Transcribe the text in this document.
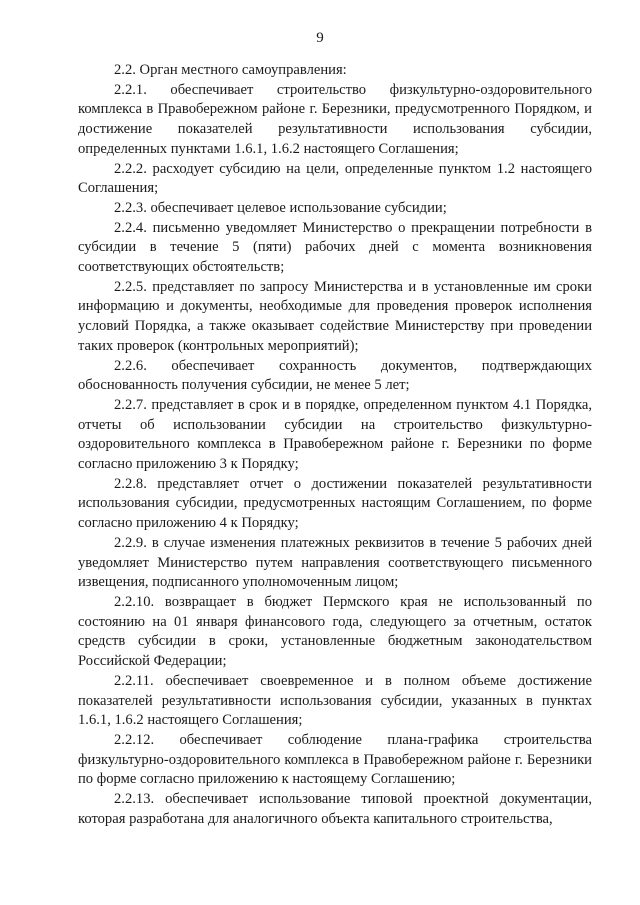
9

2.2. Орган местного самоуправления:

2.2.1. обеспечивает строительство физкультурно-оздоровительного комплекса в Правобережном районе г. Березники, предусмотренного Порядком, и достижение показателей результативности использования субсидии, определенных пунктами 1.6.1, 1.6.2 настоящего Соглашения;

2.2.2. расходует субсидию на цели, определенные пунктом 1.2 настоящего Соглашения;

2.2.3. обеспечивает целевое использование субсидии;

2.2.4. письменно уведомляет Министерство о прекращении потребности в субсидии в течение 5 (пяти) рабочих дней с момента возникновения соответствующих обстоятельств;

2.2.5. представляет по запросу Министерства и в установленные им сроки информацию и документы, необходимые для проведения проверок исполнения условий Порядка, а также оказывает содействие Министерству при проведении таких проверок (контрольных мероприятий);

2.2.6. обеспечивает сохранность документов, подтверждающих обоснованность получения субсидии, не менее 5 лет;

2.2.7. представляет в срок и в порядке, определенном пунктом 4.1 Порядка, отчеты об использовании субсидии на строительство физкультурно-оздоровительного комплекса в Правобережном районе г. Березники по форме согласно приложению 3 к Порядку;

2.2.8. представляет отчет о достижении показателей результативности использования субсидии, предусмотренных настоящим Соглашением, по форме согласно приложению 4 к Порядку;

2.2.9. в случае изменения платежных реквизитов в течение 5 рабочих дней уведомляет Министерство путем направления соответствующего письменного извещения, подписанного уполномоченным лицом;

2.2.10. возвращает в бюджет Пермского края не использованный по состоянию на 01 января финансового года, следующего за отчетным, остаток средств субсидии в сроки, установленные бюджетным законодательством Российской Федерации;

2.2.11. обеспечивает своевременное и в полном объеме достижение показателей результативности использования субсидии, указанных в пунктах 1.6.1, 1.6.2 настоящего Соглашения;

2.2.12. обеспечивает соблюдение плана-графика строительства физкультурно-оздоровительного комплекса в Правобережном районе г. Березники по форме согласно приложению к настоящему Соглашению;

2.2.13. обеспечивает использование типовой проектной документации, которая разработана для аналогичного объекта капитального строительства,
